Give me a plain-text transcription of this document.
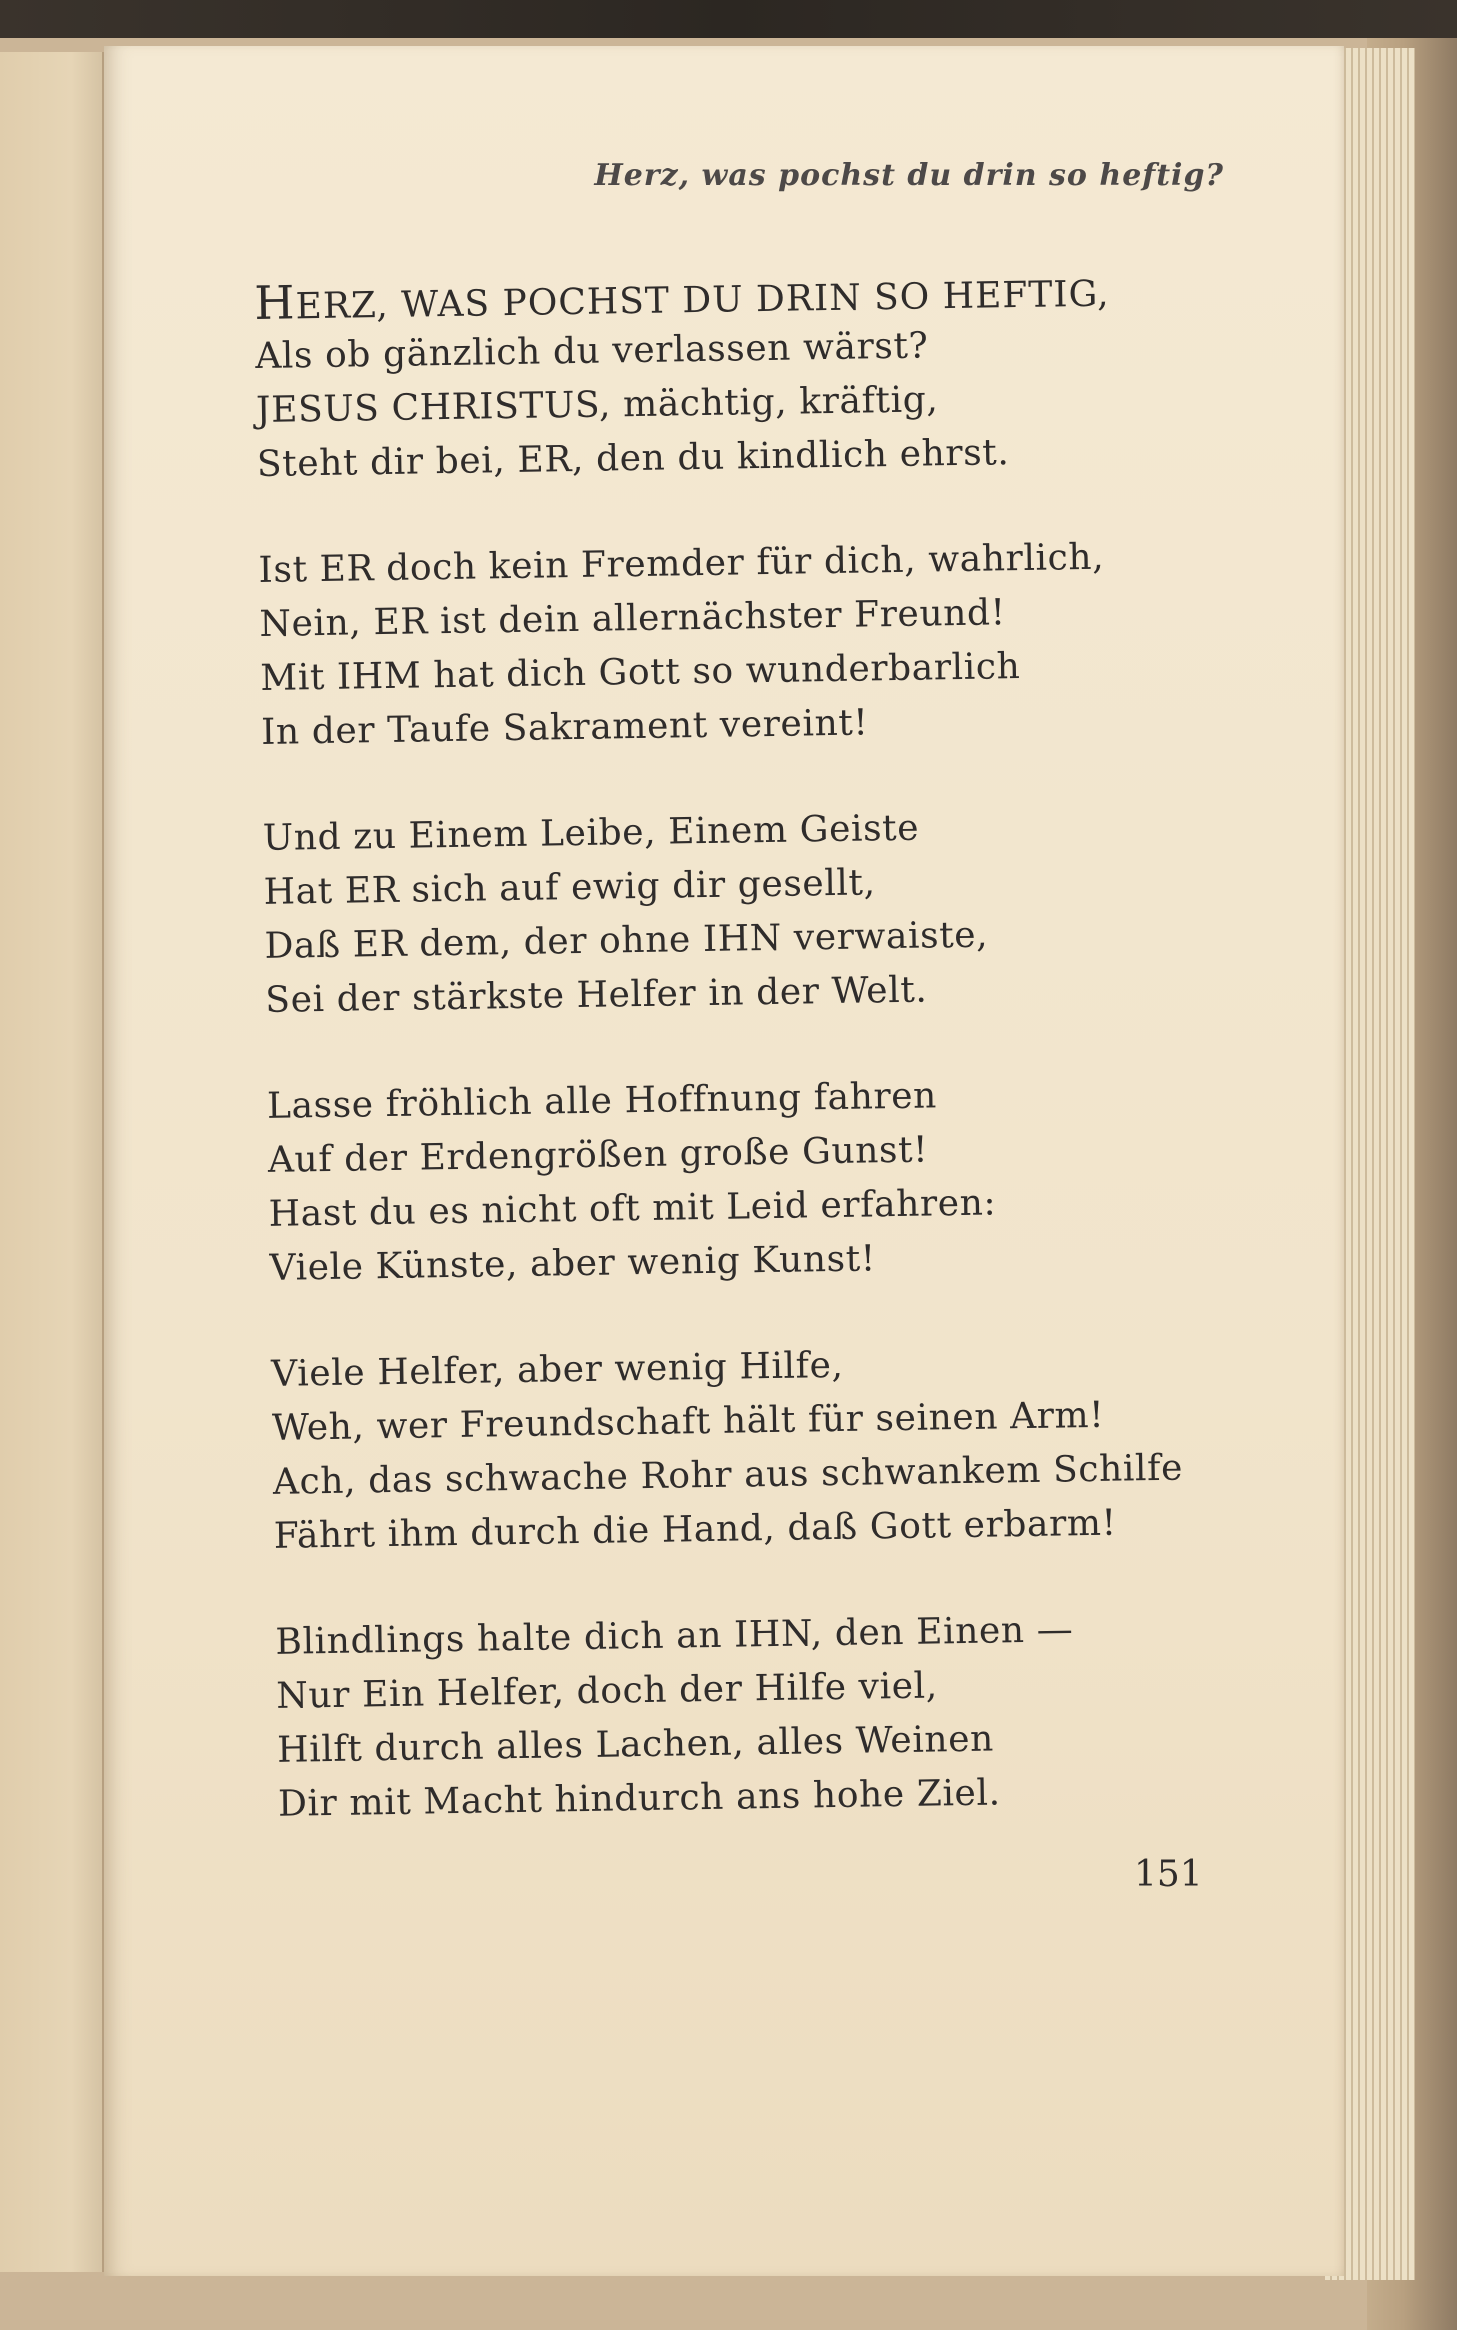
Herz, was pochst du drin so heftig?
HERZ, WAS POCHST DU DRIN SO HEFTIG,
Als ob gänzlich du verlassen wärst?
JESUS CHRISTUS, mächtig, kräftig,
Steht dir bei, ER, den du kindlich ehrst.
Ist ER doch kein Fremder für dich, wahrlich,
Nein, ER ist dein allernächster Freund!
Mit IHM hat dich Gott so wunderbarlich
In der Taufe Sakrament vereint!
Und zu Einem Leibe, Einem Geiste
Hat ER sich auf ewig dir gesellt,
Daß ER dem, der ohne IHN verwaiste,
Sei der stärkste Helfer in der Welt.
Lasse fröhlich alle Hoffnung fahren
Auf der Erdengrößen große Gunst!
Hast du es nicht oft mit Leid erfahren:
Viele Künste, aber wenig Kunst!
Viele Helfer, aber wenig Hilfe,
Weh, wer Freundschaft hält für seinen Arm!
Ach, das schwache Rohr aus schwankem Schilfe
Fährt ihm durch die Hand, daß Gott erbarm!
Blindlings halte dich an IHN, den Einen —
Nur Ein Helfer, doch der Hilfe viel,
Hilft durch alles Lachen, alles Weinen
Dir mit Macht hindurch ans hohe Ziel.
151
